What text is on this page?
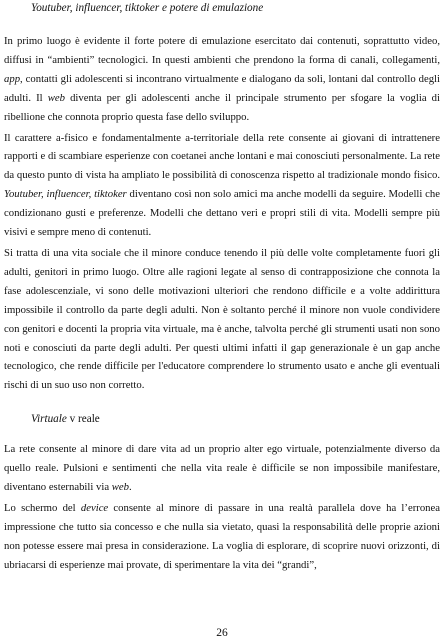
Youtuber, influencer, tiktoker e potere di emulazione

In primo luogo è evidente il forte potere di emulazione esercitato dai contenuti, soprattutto video, diffusi in “ambienti” tecnologici. In questi ambienti che prendono la forma di canali, collegamenti, app, contatti gli adolescenti si incontrano virtualmente e dialogano da soli, lontani dal controllo degli adulti. Il web diventa per gli adolescenti anche il principale strumento per sfogare la voglia di ribellione che connota proprio questa fase dello sviluppo.

Il carattere a-fisico e fondamentalmente a-territoriale della rete consente ai giovani di intrattenere rapporti e di scambiare esperienze con coetanei anche lontani e mai conosciuti personalmente. La rete da questo punto di vista ha ampliato le possibilità di conoscenza rispetto al tradizionale mondo fisico. Youtuber, influencer, tiktoker diventano così non solo amici ma anche modelli da seguire. Modelli che condizionano gusti e preferenze. Modelli che dettano veri e propri stili di vita. Modelli sempre più visivi e sempre meno di contenuti.

Si tratta di una vita sociale che il minore conduce tenendo il più delle volte completamente fuori gli adulti, genitori in primo luogo. Oltre alle ragioni legate al senso di contrapposizione che connota la fase adolescenziale, vi sono delle motivazioni ulteriori che rendono difficile e a volte addirittura impossibile il controllo da parte degli adulti. Non è soltanto perché il minore non vuole condividere con genitori e docenti la propria vita virtuale, ma è anche, talvolta perché gli strumenti usati non sono noti e conosciuti da parte degli adulti. Per questi ultimi infatti il gap generazionale è un gap anche tecnologico, che rende difficile per l'educatore comprendere lo strumento usato e anche gli eventuali rischi di un suo uso non corretto.

Virtuale v reale

La rete consente al minore di dare vita ad un proprio alter ego virtuale, potenzialmente diverso da quello reale. Pulsioni e sentimenti che nella vita reale è difficile se non impossibile manifestare, diventano esternabili via web.

Lo schermo del device consente al minore di passare in una realtà parallela dove ha l’erronea impressione che tutto sia concesso e che nulla sia vietato, quasi la responsabilità delle proprie azioni non potesse essere mai presa in considerazione. La voglia di esplorare, di scoprire nuovi orizzonti, di ubriacarsi di esperienze mai provate, di sperimentare la vita dei “grandi”,

26
